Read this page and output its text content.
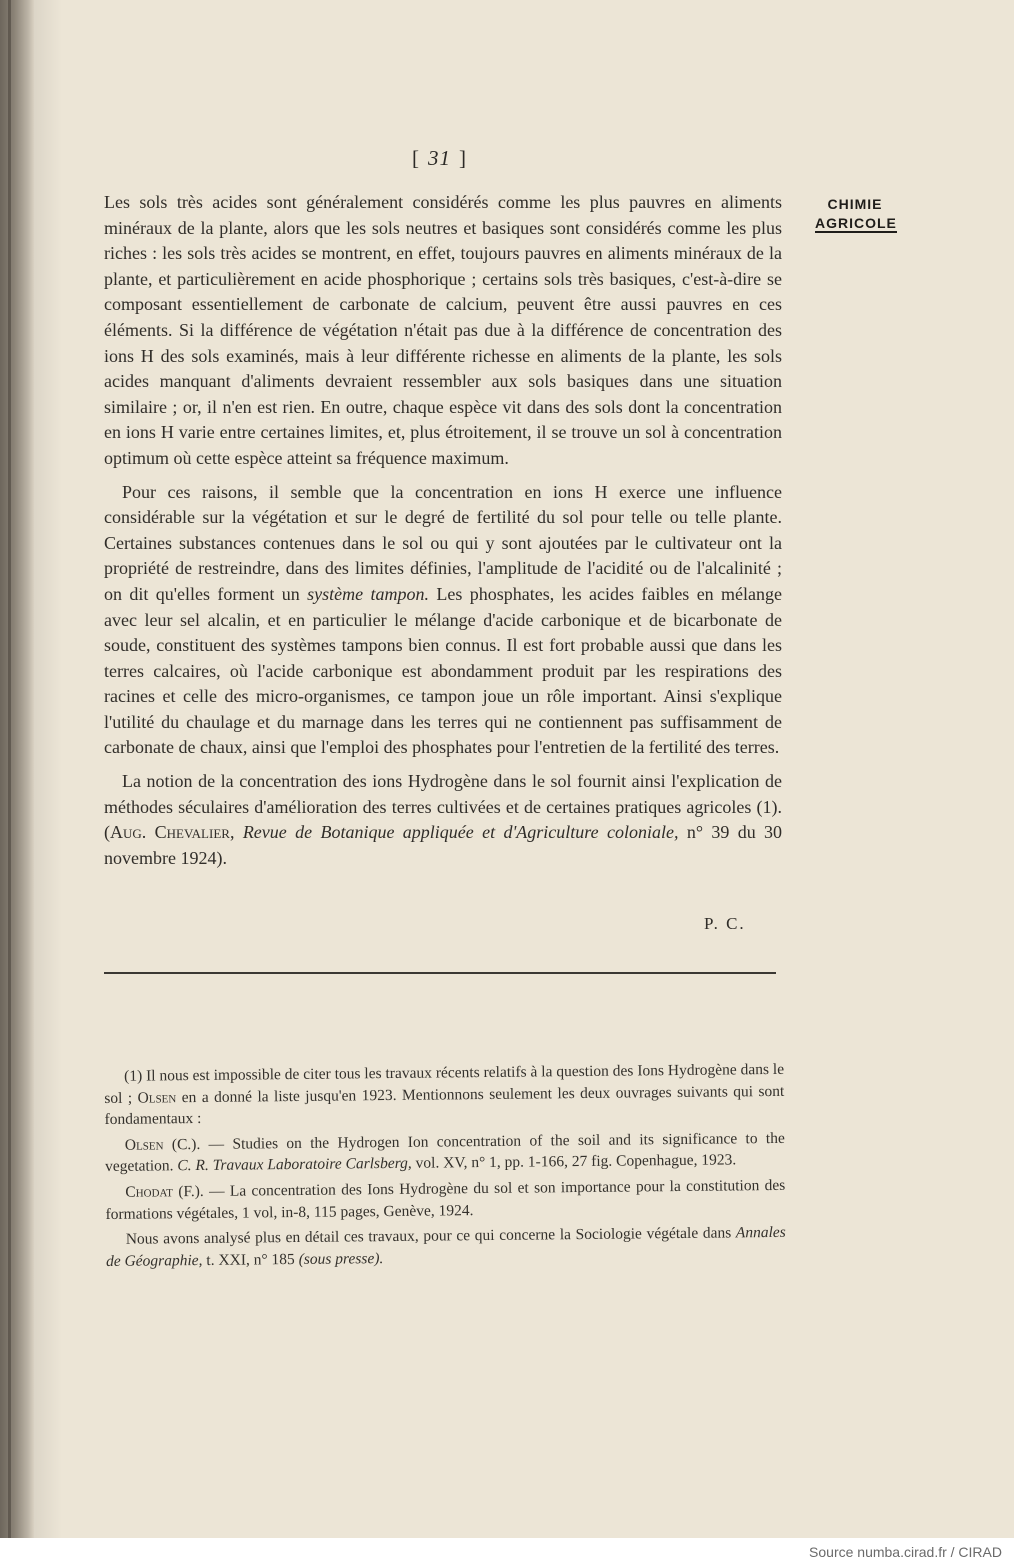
[ 31 ]
CHIMIE
AGRICOLE

Les sols très acides sont généralement considérés comme les plus pauvres en aliments minéraux de la plante, alors que les sols neutres et basiques sont considérés comme les plus riches : les sols très acides se montrent, en effet, toujours pauvres en aliments minéraux de la plante, et particulièrement en acide phosphorique ; certains sols très basiques, c'est-à-dire se composant essentiellement de carbonate de calcium, peuvent être aussi pauvres en ces éléments. Si la différence de végétation n'était pas due à la différence de concentration des ions H des sols examinés, mais à leur différente richesse en aliments de la plante, les sols acides manquant d'aliments devraient ressembler aux sols basiques dans une situation similaire ; or, il n'en est rien. En outre, chaque espèce vit dans des sols dont la concentration en ions H varie entre certaines limites, et, plus étroitement, il se trouve un sol à concentration optimum où cette espèce atteint sa fréquence maximum.

Pour ces raisons, il semble que la concentration en ions H exerce une influence considérable sur la végétation et sur le degré de fertilité du sol pour telle ou telle plante. Certaines substances contenues dans le sol ou qui y sont ajoutées par le cultivateur ont la propriété de restreindre, dans des limites définies, l'amplitude de l'acidité ou de l'alcalinité ; on dit qu'elles forment un système tampon. Les phosphates, les acides faibles en mélange avec leur sel alcalin, et en particulier le mélange d'acide carbonique et de bicarbonate de soude, constituent des systèmes tampons bien connus. Il est fort probable aussi que dans les terres calcaires, où l'acide carbonique est abondamment produit par les respirations des racines et celle des micro-organismes, ce tampon joue un rôle important. Ainsi s'explique l'utilité du chaulage et du marnage dans les terres qui ne contiennent pas suffisamment de carbonate de chaux, ainsi que l'emploi des phosphates pour l'entretien de la fertilité des terres.

La notion de la concentration des ions Hydrogène dans le sol fournit ainsi l'explication de méthodes séculaires d'amélioration des terres cultivées et de certaines pratiques agricoles (1). (Aug. Chevalier, Revue de Botanique appliquée et d'Agriculture coloniale, n° 39 du 30 novembre 1924).

P. C.

(1) Il nous est impossible de citer tous les travaux récents relatifs à la question des Ions Hydrogène dans le sol ; Olsen en a donné la liste jusqu'en 1923. Mentionnons seulement les deux ouvrages suivants qui sont fondamentaux :

Olsen (C.). — Studies on the Hydrogen Ion concentration of the soil and its significance to the vegetation. C. R. Travaux Laboratoire Carlsberg, vol. XV, n° 1, pp. 1-166, 27 fig. Copenhague, 1923.

Chodat (F.). — La concentration des Ions Hydrogène du sol et son importance pour la constitution des formations végétales, 1 vol, in-8, 115 pages, Genève, 1924.

Nous avons analysé plus en détail ces travaux, pour ce qui concerne la Sociologie végétale dans Annales de Géographie, t. XXI, n° 185 (sous presse).

Source numba.cirad.fr / CIRAD
